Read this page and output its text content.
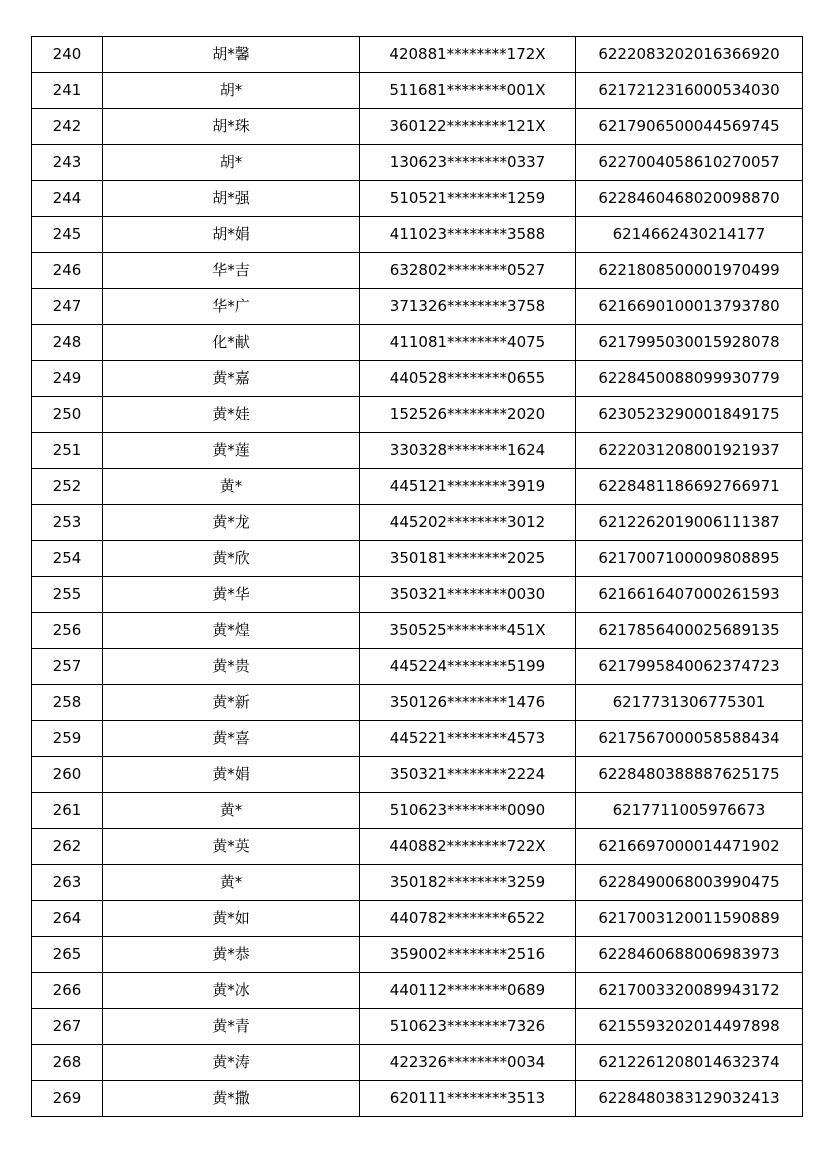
240	胡*馨	420881********172X	6222083202016366920
241	胡*	511681********001X	6217212316000534030
242	胡*珠	360122********121X	6217906500044569745
243	胡*	130623********0337	6227004058610270057
244	胡*强	510521********1259	6228460468020098870
245	胡*娟	411023********3588	6214662430214177
246	华*吉	632802********0527	6221808500001970499
247	华*广	371326********3758	6216690100013793780
248	化*献	411081********4075	6217995030015928078
249	黄*嘉	440528********0655	6228450088099930779
250	黄*娃	152526********2020	6230523290001849175
251	黄*莲	330328********1624	6222031208001921937
252	黄*	445121********3919	6228481186692766971
253	黄*龙	445202********3012	6212262019006111387
254	黄*欣	350181********2025	6217007100009808895
255	黄*华	350321********0030	6216616407000261593
256	黄*煌	350525********451X	6217856400025689135
257	黄*贵	445224********5199	6217995840062374723
258	黄*新	350126********1476	6217731306775301
259	黄*喜	445221********4573	6217567000058588434
260	黄*娟	350321********2224	6228480388887625175
261	黄*	510623********0090	6217711005976673
262	黄*英	440882********722X	6216697000014471902
263	黄*	350182********3259	6228490068003990475
264	黄*如	440782********6522	6217003120011590889
265	黄*恭	359002********2516	6228460688006983973
266	黄*冰	440112********0689	6217003320089943172
267	黄*青	510623********7326	6215593202014497898
268	黄*涛	422326********0034	6212261208014632374
269	黄*撒	620111********3513	6228480383129032413
